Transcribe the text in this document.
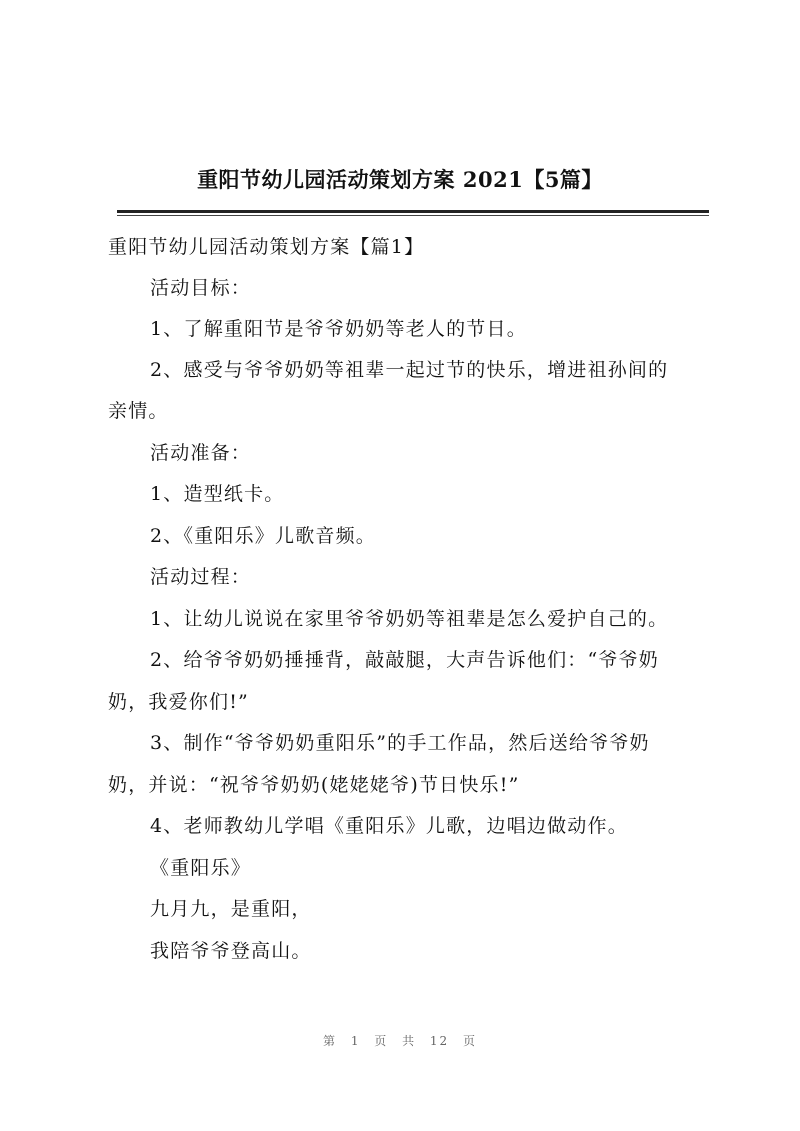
重阳节幼儿园活动策划方案 2021【5篇】
重阳节幼儿园活动策划方案【篇1】
活动目标：
1、了解重阳节是爷爷奶奶等老人的节日。
2、感受与爷爷奶奶等祖辈一起过节的快乐，增进祖孙间的
亲情。
活动准备：
1、造型纸卡。
2、《重阳乐》儿歌音频。
活动过程：
1、让幼儿说说在家里爷爷奶奶等祖辈是怎么爱护自己的。
2、给爷爷奶奶捶捶背，敲敲腿，大声告诉他们：“爷爷奶
奶，我爱你们!”
3、制作“爷爷奶奶重阳乐”的手工作品，然后送给爷爷奶
奶，并说：“祝爷爷奶奶(姥姥姥爷)节日快乐!”
4、老师教幼儿学唱《重阳乐》儿歌，边唱边做动作。
《重阳乐》
九月九，是重阳，
我陪爷爷登高山。
第 1 页 共 12 页
